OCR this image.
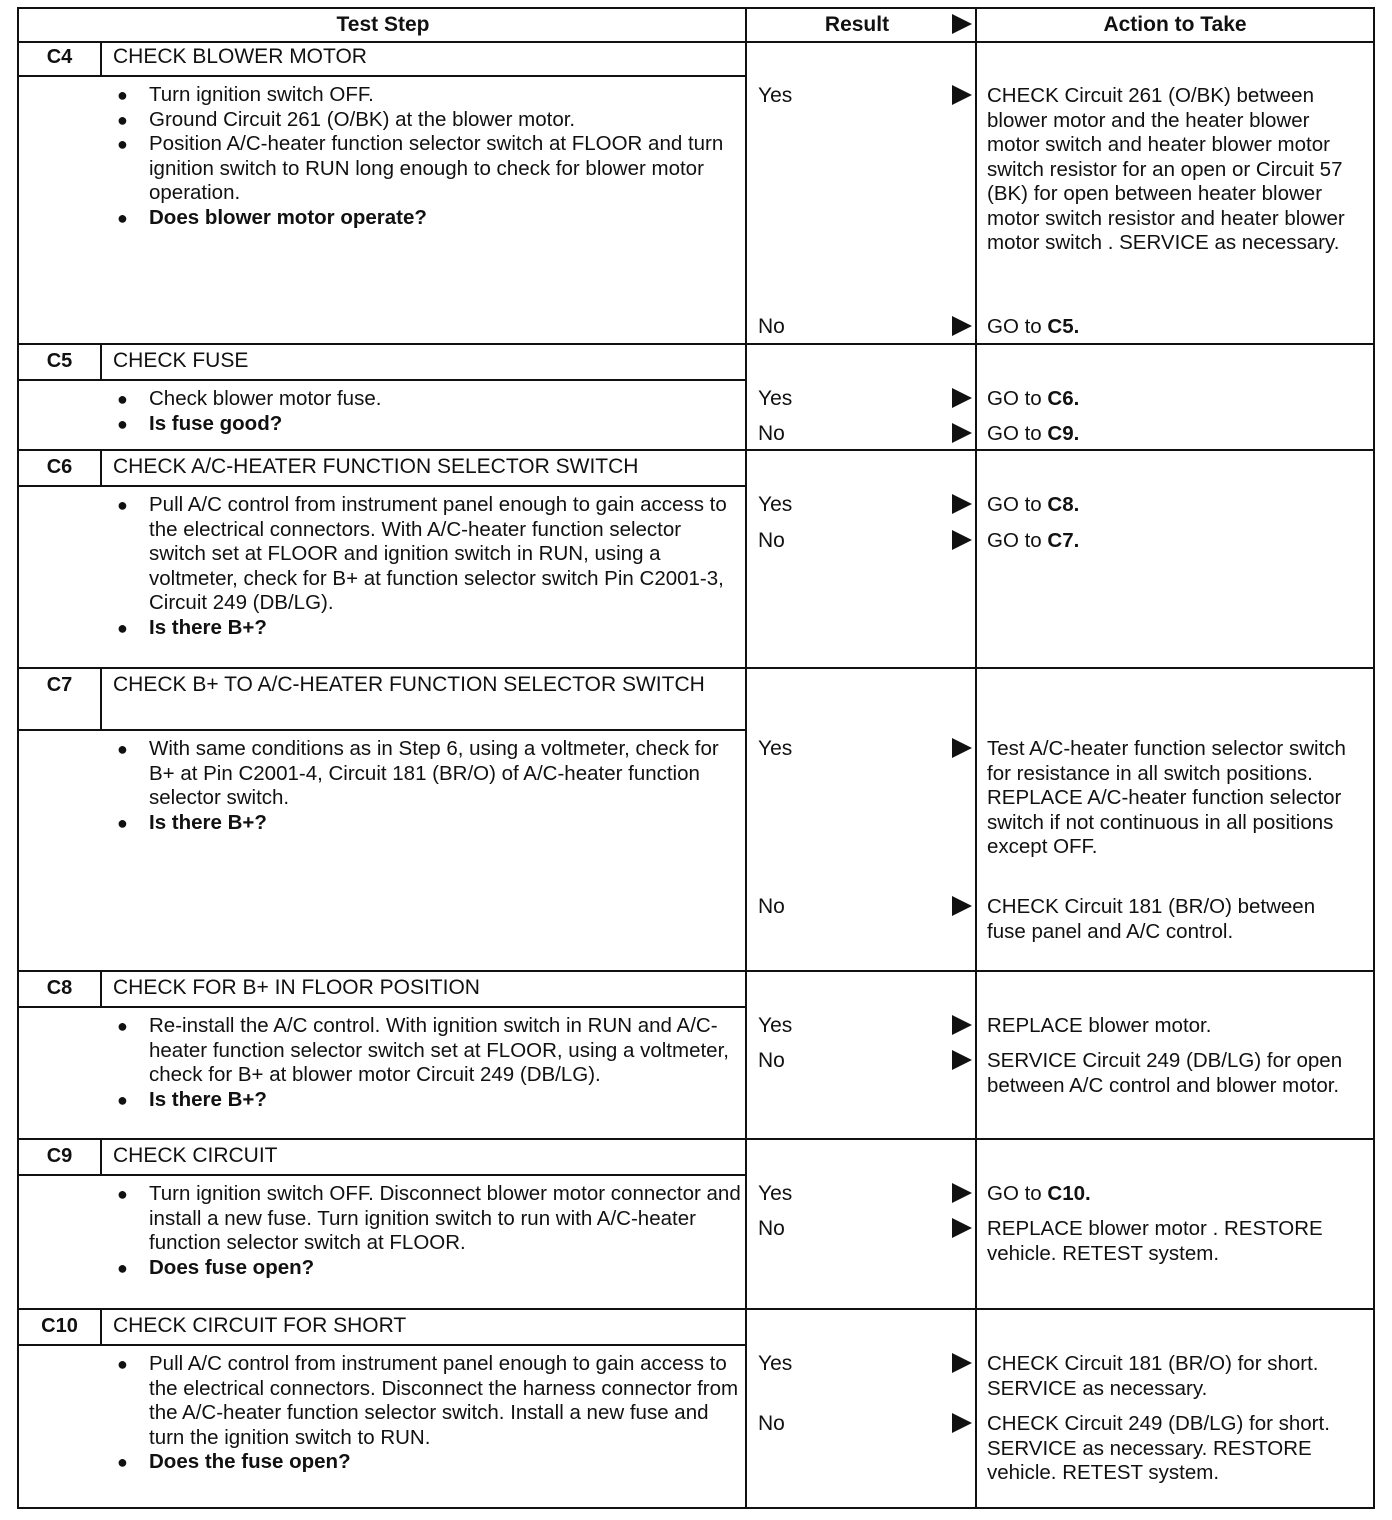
Test Step	Result	Action to Take
C4	CHECK BLOWER MOTOR
● Turn ignition switch OFF.
● Ground Circuit 261 (O/BK) at the blower motor.
● Position A/C-heater function selector switch at FLOOR and turn ignition switch to RUN long enough to check for blower motor operation.
● Does blower motor operate?
Yes	CHECK Circuit 261 (O/BK) between blower motor and the heater blower motor switch and heater blower motor switch resistor for an open or Circuit 57 (BK) for open between heater blower motor switch resistor and heater blower motor switch . SERVICE as necessary.

No	GO to C5.

C5	CHECK FUSE
● Check blower motor fuse.
● Is fuse good?
Yes	GO to C6.

No	GO to C9.

C6	CHECK A/C-HEATER FUNCTION SELECTOR SWITCH
● Pull A/C control from instrument panel enough to gain access to the electrical connectors. With A/C-heater function selector switch set at FLOOR and ignition switch in RUN, using a voltmeter, check for B+ at function selector switch Pin C2001-3, Circuit 249 (DB/LG).
● Is there B+?
Yes	GO to C8.

No	GO to C7.

C7	CHECK B+ TO A/C-HEATER FUNCTION SELECTOR SWITCH
● With same conditions as in Step 6, using a voltmeter, check for B+ at Pin C2001-4, Circuit 181 (BR/O) of A/C-heater function selector switch.
● Is there B+?
Yes	Test A/C-heater function selector switch for resistance in all switch positions. REPLACE A/C-heater function selector switch if not continuous in all positions except OFF.

No	CHECK Circuit 181 (BR/O) between fuse panel and A/C control.

C8	CHECK FOR B+ IN FLOOR POSITION
● Re-install the A/C control. With ignition switch in RUN and A/C-heater function selector switch set at FLOOR, using a voltmeter, check for B+ at blower motor Circuit 249 (DB/LG).
● Is there B+?
Yes	REPLACE blower motor.

No	SERVICE Circuit 249 (DB/LG) for open between A/C control and blower motor.

C9	CHECK CIRCUIT
● Turn ignition switch OFF. Disconnect blower motor connector and install a new fuse. Turn ignition switch to run with A/C-heater function selector switch at FLOOR.
● Does fuse open?
Yes	GO to C10.

No	REPLACE blower motor . RESTORE vehicle. RETEST system.

C10	CHECK CIRCUIT FOR SHORT
● Pull A/C control from instrument panel enough to gain access to the electrical connectors. Disconnect the harness connector from the A/C-heater function selector switch. Install a new fuse and turn the ignition switch to RUN.
● Does the fuse open?
Yes	CHECK Circuit 181 (BR/O) for short. SERVICE as necessary.

No	CHECK Circuit 249 (DB/LG) for short. SERVICE as necessary. RESTORE vehicle. RETEST system.
